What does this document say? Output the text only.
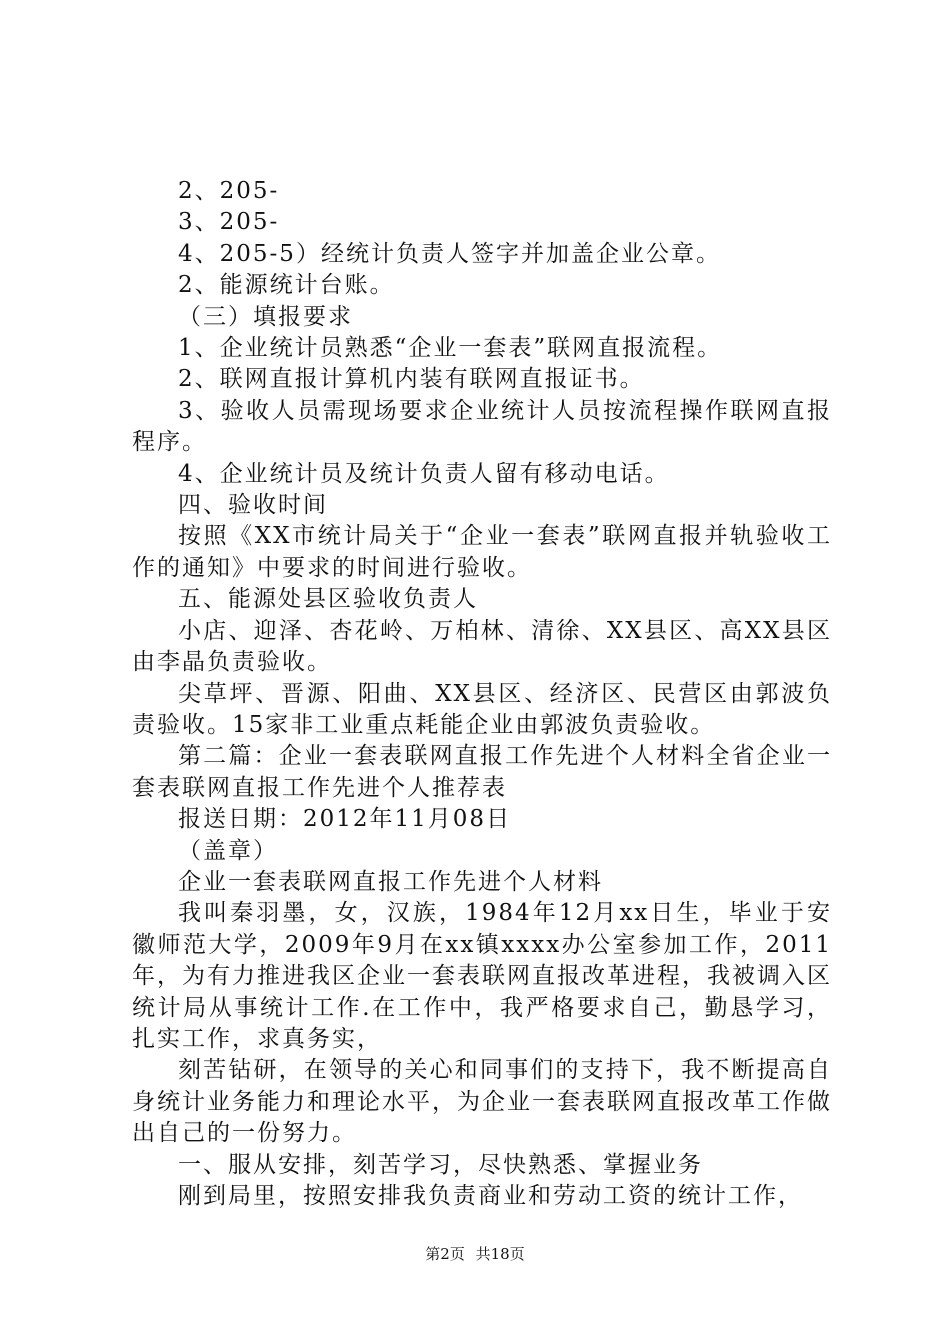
2、205-

3、205-

4、205-5）经统计负责人签字并加盖企业公章。

2、能源统计台账。

（三）填报要求

1、企业统计员熟悉“企业一套表”联网直报流程。

2、联网直报计算机内装有联网直报证书。

3、验收人员需现场要求企业统计人员按流程操作联网直报程序。

4、企业统计员及统计负责人留有移动电话。

四、验收时间

按照《XX市统计局关于“企业一套表”联网直报并轨验收工作的通知》中要求的时间进行验收。

五、能源处县区验收负责人

小店、迎泽、杏花岭、万柏林、清徐、XX县区、高XX县区由李晶负责验收。

尖草坪、晋源、阳曲、XX县区、经济区、民营区由郭波负责验收。15家非工业重点耗能企业由郭波负责验收。

第二篇：企业一套表联网直报工作先进个人材料全省企业一套表联网直报工作先进个人推荐表

报送日期：2012年11月08日

（盖章）

企业一套表联网直报工作先进个人材料

我叫秦羽墨，女，汉族，1984年12月xx日生，毕业于安徽师范大学，2009年9月在xx镇xxxx办公室参加工作，2011年，为有力推进我区企业一套表联网直报改革进程，我被调入区统计局从事统计工作.在工作中，我严格要求自己，勤恳学习，扎实工作，求真务实，

刻苦钻研，在领导的关心和同事们的支持下，我不断提高自身统计业务能力和理论水平，为企业一套表联网直报改革工作做出自己的一份努力。

一、服从安排，刻苦学习，尽快熟悉、掌握业务

刚到局里，按照安排我负责商业和劳动工资的统计工作，

第2页 共18页
